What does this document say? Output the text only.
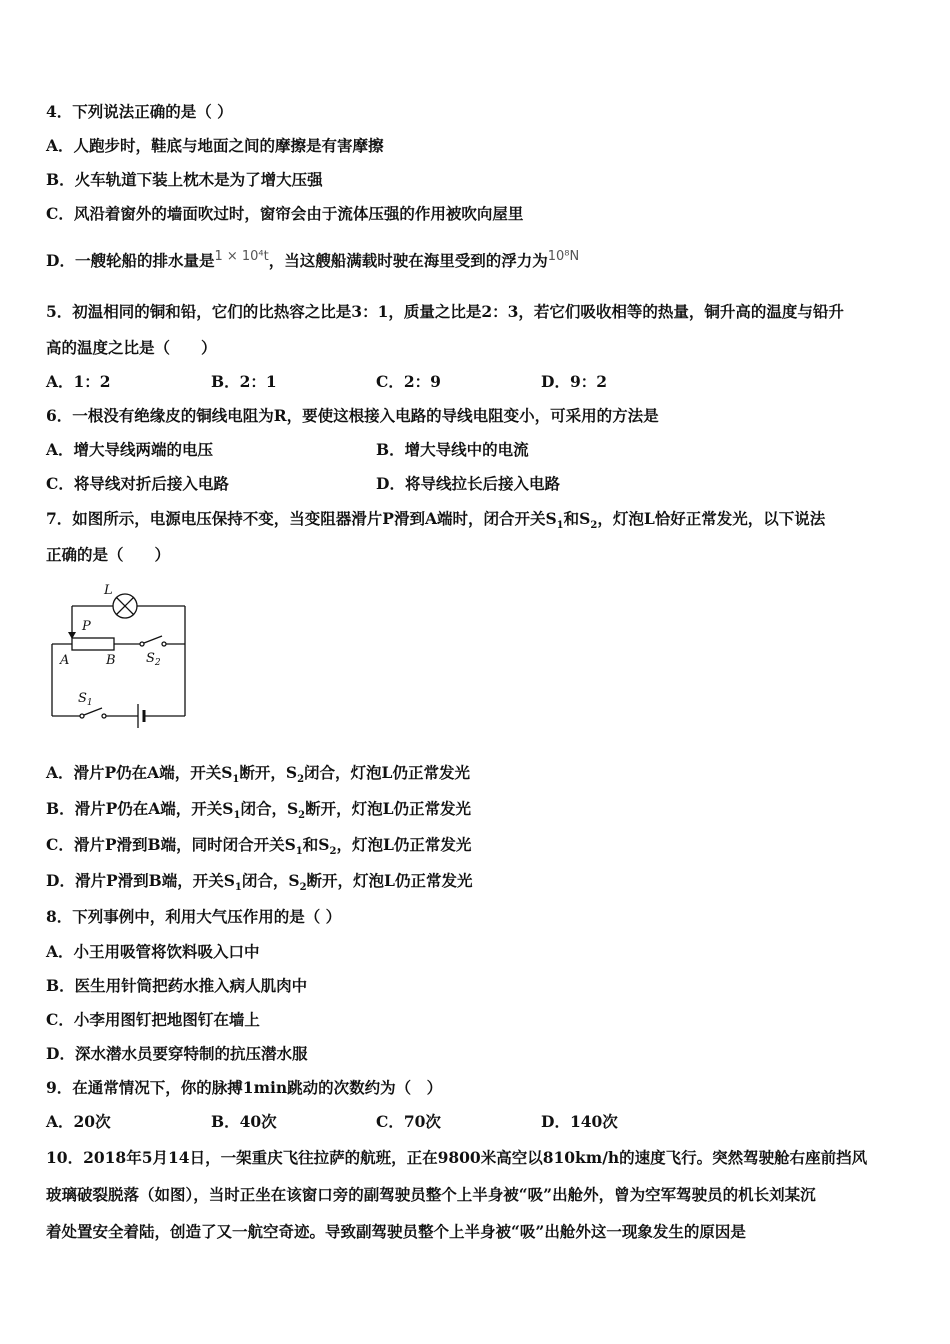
4．下列说法正确的是（ ）
A．人跑步时，鞋底与地面之间的摩擦是有害摩擦
B．火车轨道下装上枕木是为了增大压强
C．风沿着窗外的墙面吹过时，窗帘会由于流体压强的作用被吹向屋里
D．一艘轮船的排水量是$^{1 \times 10^4t}$，当这艘船满载时驶在海里受到的浮力为$^{10^8N}$
5．初温相同的铜和铅，它们的比热容之比是3：1，质量之比是2：3，若它们吸收相等的热量，铜升高的温度与铅升
高的温度之比是（　　）
A．1：2	B．2：1	C．2：9	D．9：2
6．一根没有绝缘皮的铜线电阻为R，要使这根接入电路的导线电阻变小，可采用的方法是
A．增大导线两端的电压	B．增大导线中的电流
C．将导线对折后接入电路	D．将导线拉长后接入电路
7．如图所示，电源电压保持不变，当变阻器滑片P滑到A端时，闭合开关$S_1$和$S_2$，灯泡L恰好正常发光，以下说法
正确的是（　　）
L
P
A	B $S_2$
$S_1$
A．滑片P仍在A端，开关$S_1$断开，$S_2$闭合，灯泡L仍正常发光
B．滑片P仍在A端，开关$S_1$闭合，$S_2$断开，灯泡L仍正常发光
C．滑片P滑到B端，同时闭合开关$S_1$和$S_2$，灯泡L仍正常发光
D．滑片P滑到B端，开关$S_1$闭合，$S_2$断开，灯泡L仍正常发光
8．下列事例中，利用大气压作用的是（ ）
A．小王用吸管将饮料吸入口中
B．医生用针筒把药水推入病人肌肉中
C．小李用图钉把地图钉在墙上
D．深水潜水员要穿特制的抗压潜水服
9．在通常情况下，你的脉搏1min跳动的次数约为（　）
A．20次	B．40次	C．70次	D．140次
10．2018年5月14日，一架重庆飞往拉萨的航班，正在9800米高空以810km/h的速度飞行。突然驾驶舱右座前挡风
玻璃破裂脱落（如图），当时正坐在该窗口旁的副驾驶员整个上半身被“吸”出舱外，曾为空军驾驶员的机长刘某沉
着处置安全着陆，创造了又一航空奇迹。导致副驾驶员整个上半身被“吸”出舱外这一现象发生的原因是
